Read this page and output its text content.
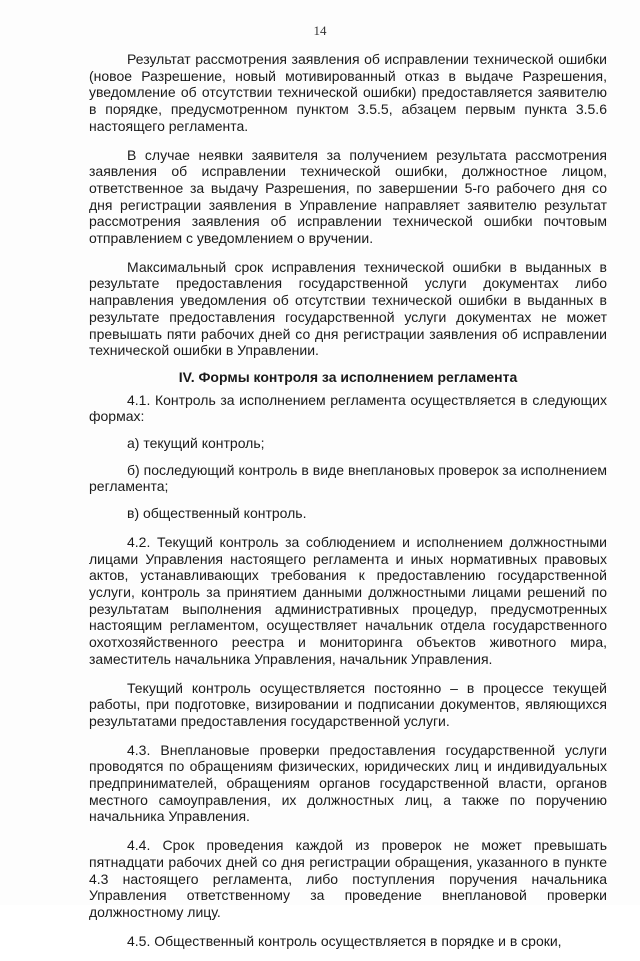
14

Результат рассмотрения заявления об исправлении технической ошибки (новое Разрешение, новый мотивированный отказ в выдаче Разрешения, уведомление об отсутствии технической ошибки) предоставляется заявителю в порядке, предусмотренном пунктом 3.5.5, абзацем первым пункта 3.5.6 настоящего регламента.

В случае неявки заявителя за получением результата рассмотрения заявления об исправлении технической ошибки, должностное лицом, ответственное за выдачу Разрешения, по завершении 5-го рабочего дня со дня регистрации заявления в Управление направляет заявителю результат рассмотрения заявления об исправлении технической ошибки почтовым отправлением с уведомлением о вручении.

Максимальный срок исправления технической ошибки в выданных в результате предоставления государственной услуги документах либо направления уведомления об отсутствии технической ошибки в выданных в результате предоставления государственной услуги документах не может превышать пяти рабочих дней со дня регистрации заявления об исправлении технической ошибки в Управлении.

IV. Формы контроля за исполнением регламента

4.1. Контроль за исполнением регламента осуществляется в следующих формах:

а) текущий контроль;

б) последующий контроль в виде внеплановых проверок за исполнением регламента;

в) общественный контроль.

4.2. Текущий контроль за соблюдением и исполнением должностными лицами Управления настоящего регламента и иных нормативных правовых актов, устанавливающих требования к предоставлению государственной услуги, контроль за принятием данными должностными лицами решений по результатам выполнения административных процедур, предусмотренных настоящим регламентом, осуществляет начальник отдела государственного охотхозяйственного реестра и мониторинга объектов животного мира, заместитель начальника Управления, начальник Управления.

Текущий контроль осуществляется постоянно – в процессе текущей работы, при подготовке, визировании и подписании документов, являющихся результатами предоставления государственной услуги.

4.3. Внеплановые проверки предоставления государственной услуги проводятся по обращениям физических, юридических лиц и индивидуальных предпринимателей, обращениям органов государственной власти, органов местного самоуправления, их должностных лиц, а также по поручению начальника Управления.

4.4. Срок проведения каждой из проверок не может превышать пятнадцати рабочих дней со дня регистрации обращения, указанного в пункте 4.3 настоящего регламента, либо поступления поручения начальника Управления ответственному за проведение внеплановой проверки должностному лицу.

4.5. Общественный контроль осуществляется в порядке и в сроки,
